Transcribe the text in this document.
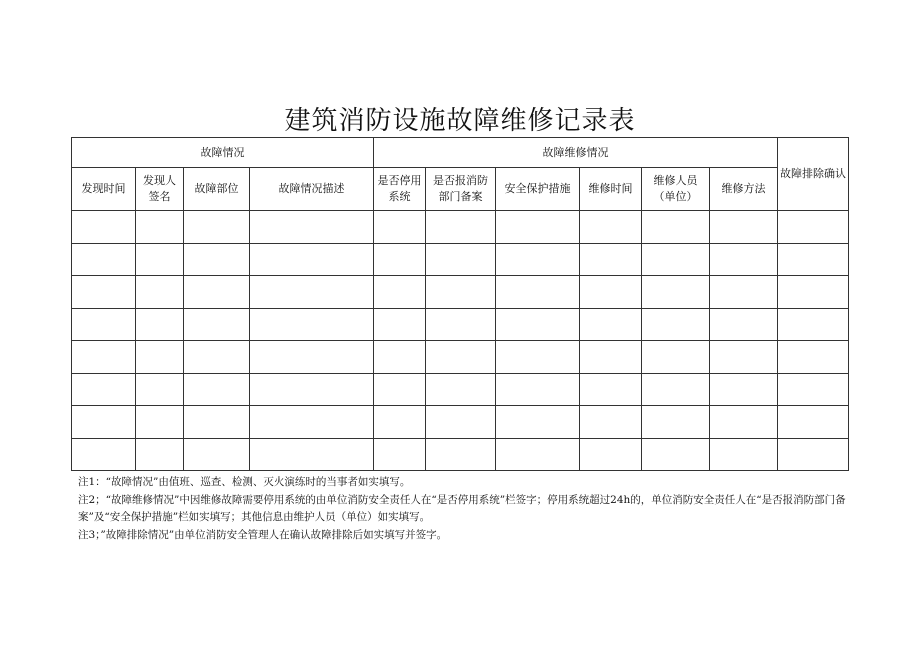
建筑消防设施故障维修记录表
故障情况				故障维修情况						故障排除确认
发现时间	发现人签名	故障部位	故障情况描述	是否停用系统	是否报消防部门备案	安全保护措施	维修时间	维修人员（单位）	维修方法	

注1：“故障情况”由值班、巡查、检测、灭火演练时的当事者如实填写。

注2；“故障维修情况”中因维修故障需要停用系统的由单位消防安全责任人在“是否停用系统”栏签字；停用系统超过24h的，单位消防安全责任人在“是否报消防部门备案”及“安全保护措施”栏如实填写；其他信息由维护人员（单位）如实填写。

注3；”故障排除情况”由单位消防安全管理人在确认故障排除后如实填写并签字。
